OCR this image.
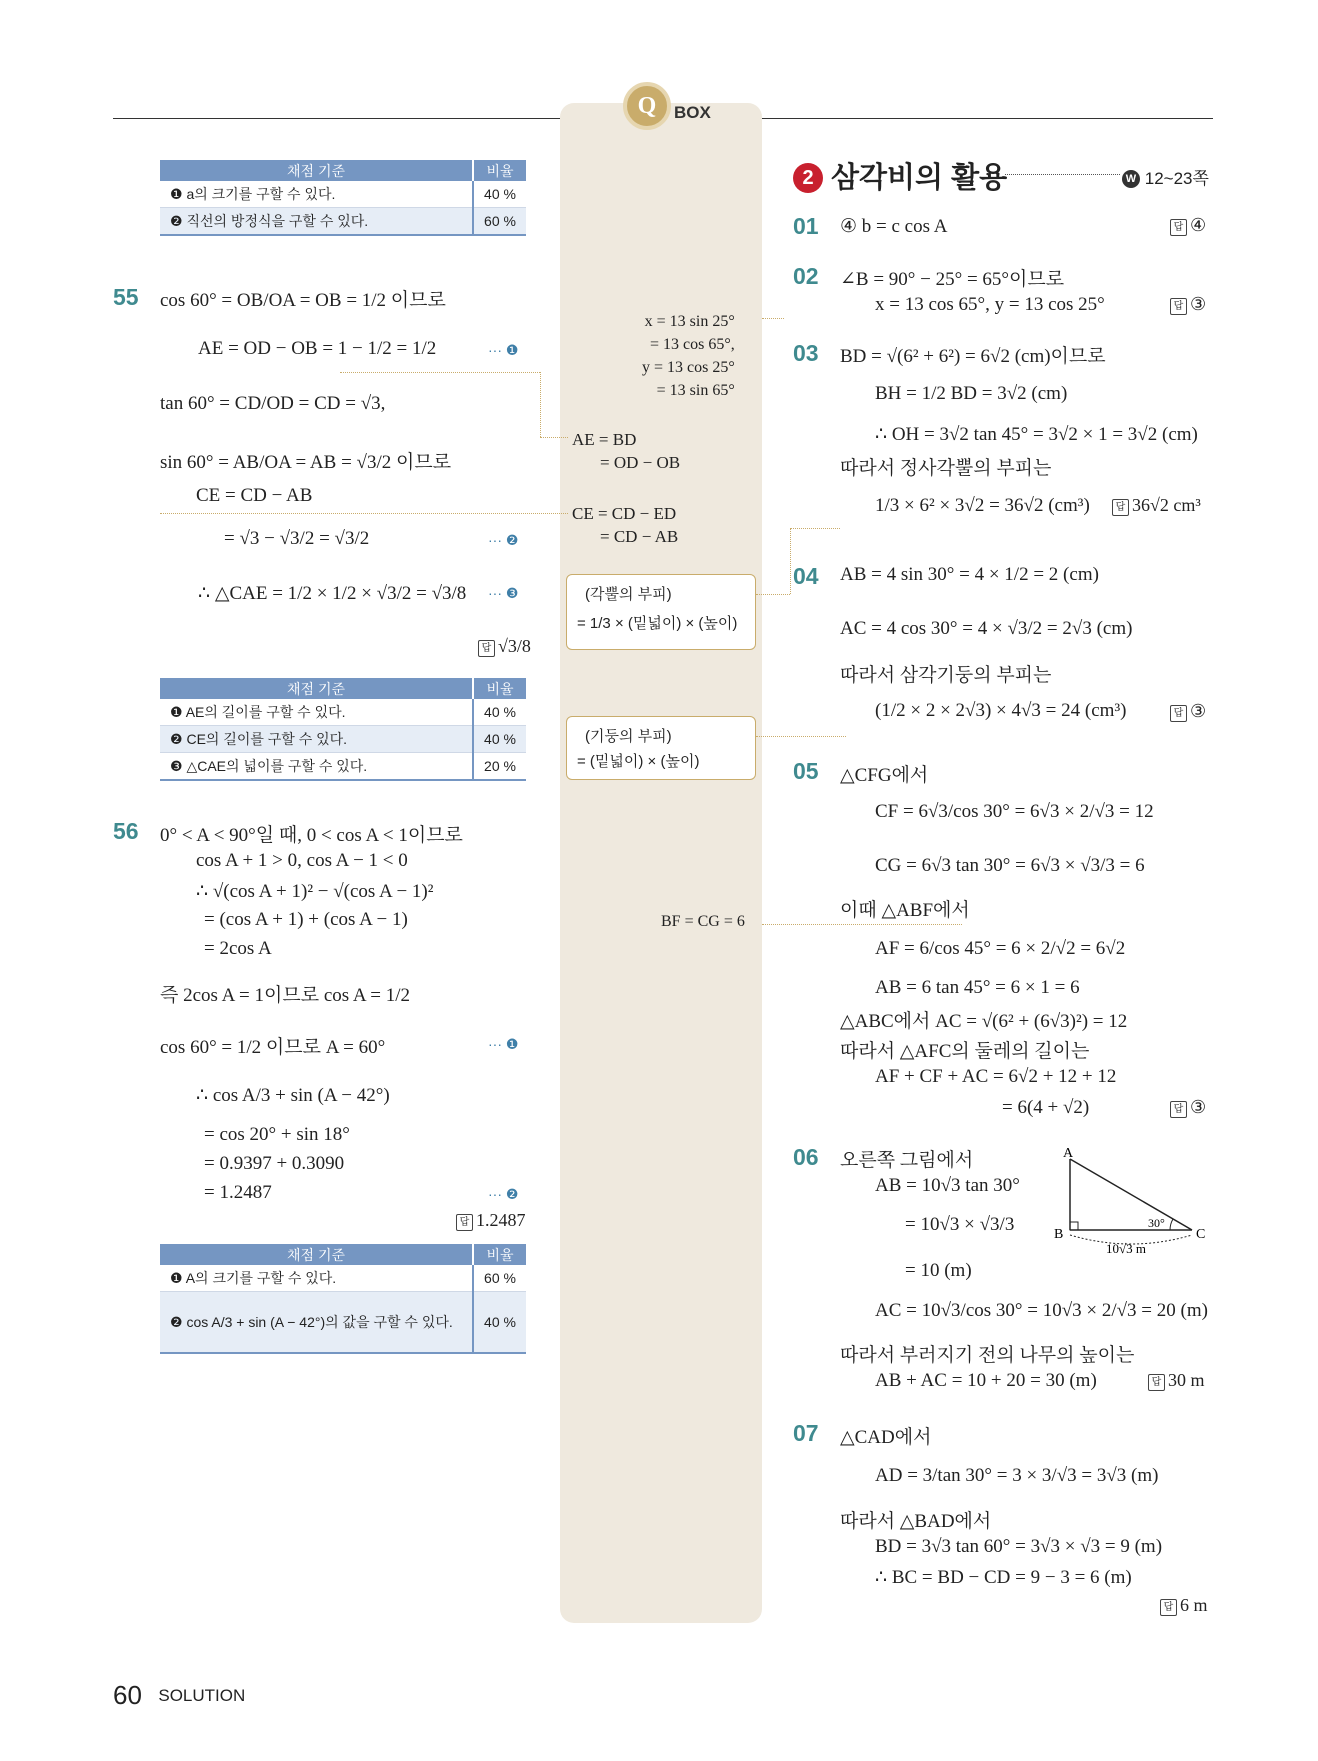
Q	BOX
채점 기준	비율
❶ a의 크기를 구할 수 있다.	40 %
❷ 직선의 방정식을 구할 수 있다.	60 %
55 cos 60° = OB/OA = OB = 1/2 이므로
AE = OD − OB = 1 − 1/2 = 1/2	··· ❶
tan 60° = CD/OD = CD = √3,
sin 60° = AB/OA = AB = √3/2 이므로
CE = CD − AB
= √3 − √3/2 = √3/2	··· ❷
∴ △CAE = 1/2 × 1/2 × √3/2 = √3/8 ··· ❸
답 √3/8
채점 기준	비율
❶ AE의 길이를 구할 수 있다.	40 %
❷ CE의 길이를 구할 수 있다.	40 %
❸ △CAE의 넓이를 구할 수 있다.	20 %
56 0° < A < 90°일 때, 0 < cos A < 1이므로
cos A + 1 > 0, cos A − 1 < 0
∴ √(cos A + 1)² − √(cos A − 1)²
= (cos A + 1) + (cos A − 1)
= 2cos A
즉 2cos A = 1이므로 cos A = 1/2
cos 60° = 1/2 이므로 A = 60°	··· ❶
∴ cos A/3 + sin (A − 42°)
= cos 20° + sin 18°
= 0.9397 + 0.3090
= 1.2487	··· ❷
답 1.2487
채점 기준	비율
❶ A의 크기를 구할 수 있다.	60 %
❷ cos A/3 + sin (A − 42°)의 값을 구할 수 있다.	40 %
x = 13 sin 25°
= 13 cos 65°,
y = 13 cos 25°
= 13 sin 65°
AE = BD
= OD − OB
CE = CD − ED
= CD − AB
(각뿔의 부피)
= 1/3 × (밑넓이) × (높이)
(기둥의 부피)
= (밑넓이) × (높이)
BF = CG = 6
2 삼각비의 활용	W 12~23쪽
01 ④ b = c cos A	답 ④
02 ∠B = 90° − 25° = 65°이므로
x = 13 cos 65°, y = 13 cos 25°	답 ③
03 BD = √(6² + 6²) = 6√2 (cm)이므로
BH = 1/2 BD = 3√2 (cm)
∴ OH = 3√2 tan 45° = 3√2 × 1 = 3√2 (cm)
따라서 정사각뿔의 부피는
1/3 × 6² × 3√2 = 36√2 (cm³)	답 36√2 cm³
04 AB = 4 sin 30° = 4 × 1/2 = 2 (cm)
AC = 4 cos 30° = 4 × √3/2 = 2√3 (cm)
따라서 삼각기둥의 부피는
(1/2 × 2 × 2√3) × 4√3 = 24 (cm³)	답 ③
05 △CFG에서
CF = 6√3/cos 30° = 6√3 × 2/√3 = 12
CG = 6√3 tan 30° = 6√3 × √3/3 = 6
이때 △ABF에서
AF = 6/cos 45° = 6 × 2/√2 = 6√2
AB = 6 tan 45° = 6 × 1 = 6
△ABC에서 AC = √(6² + (6√3)²) = 12
따라서 △AFC의 둘레의 길이는
AF + CF + AC = 6√2 + 12 + 12
= 6(4 + √2)	답 ③
06 오른쪽 그림에서
AB = 10√3 tan 30°
= 10√3 × √3/3
= 10 (m)
AC = 10√3/cos 30° = 10√3 × 2/√3 = 20 (m)
따라서 부러지기 전의 나무의 높이는
AB + AC = 10 + 20 = 30 (m)	답 30 m
A
B	C
30°
10√3 m
07 △CAD에서
AD = 3/tan 30° = 3 × 3/√3 = 3√3 (m)
따라서 △BAD에서
BD = 3√3 tan 60° = 3√3 × √3 = 9 (m)
∴ BC = BD − CD = 9 − 3 = 6 (m)
답 6 m
60 SOLUTION
